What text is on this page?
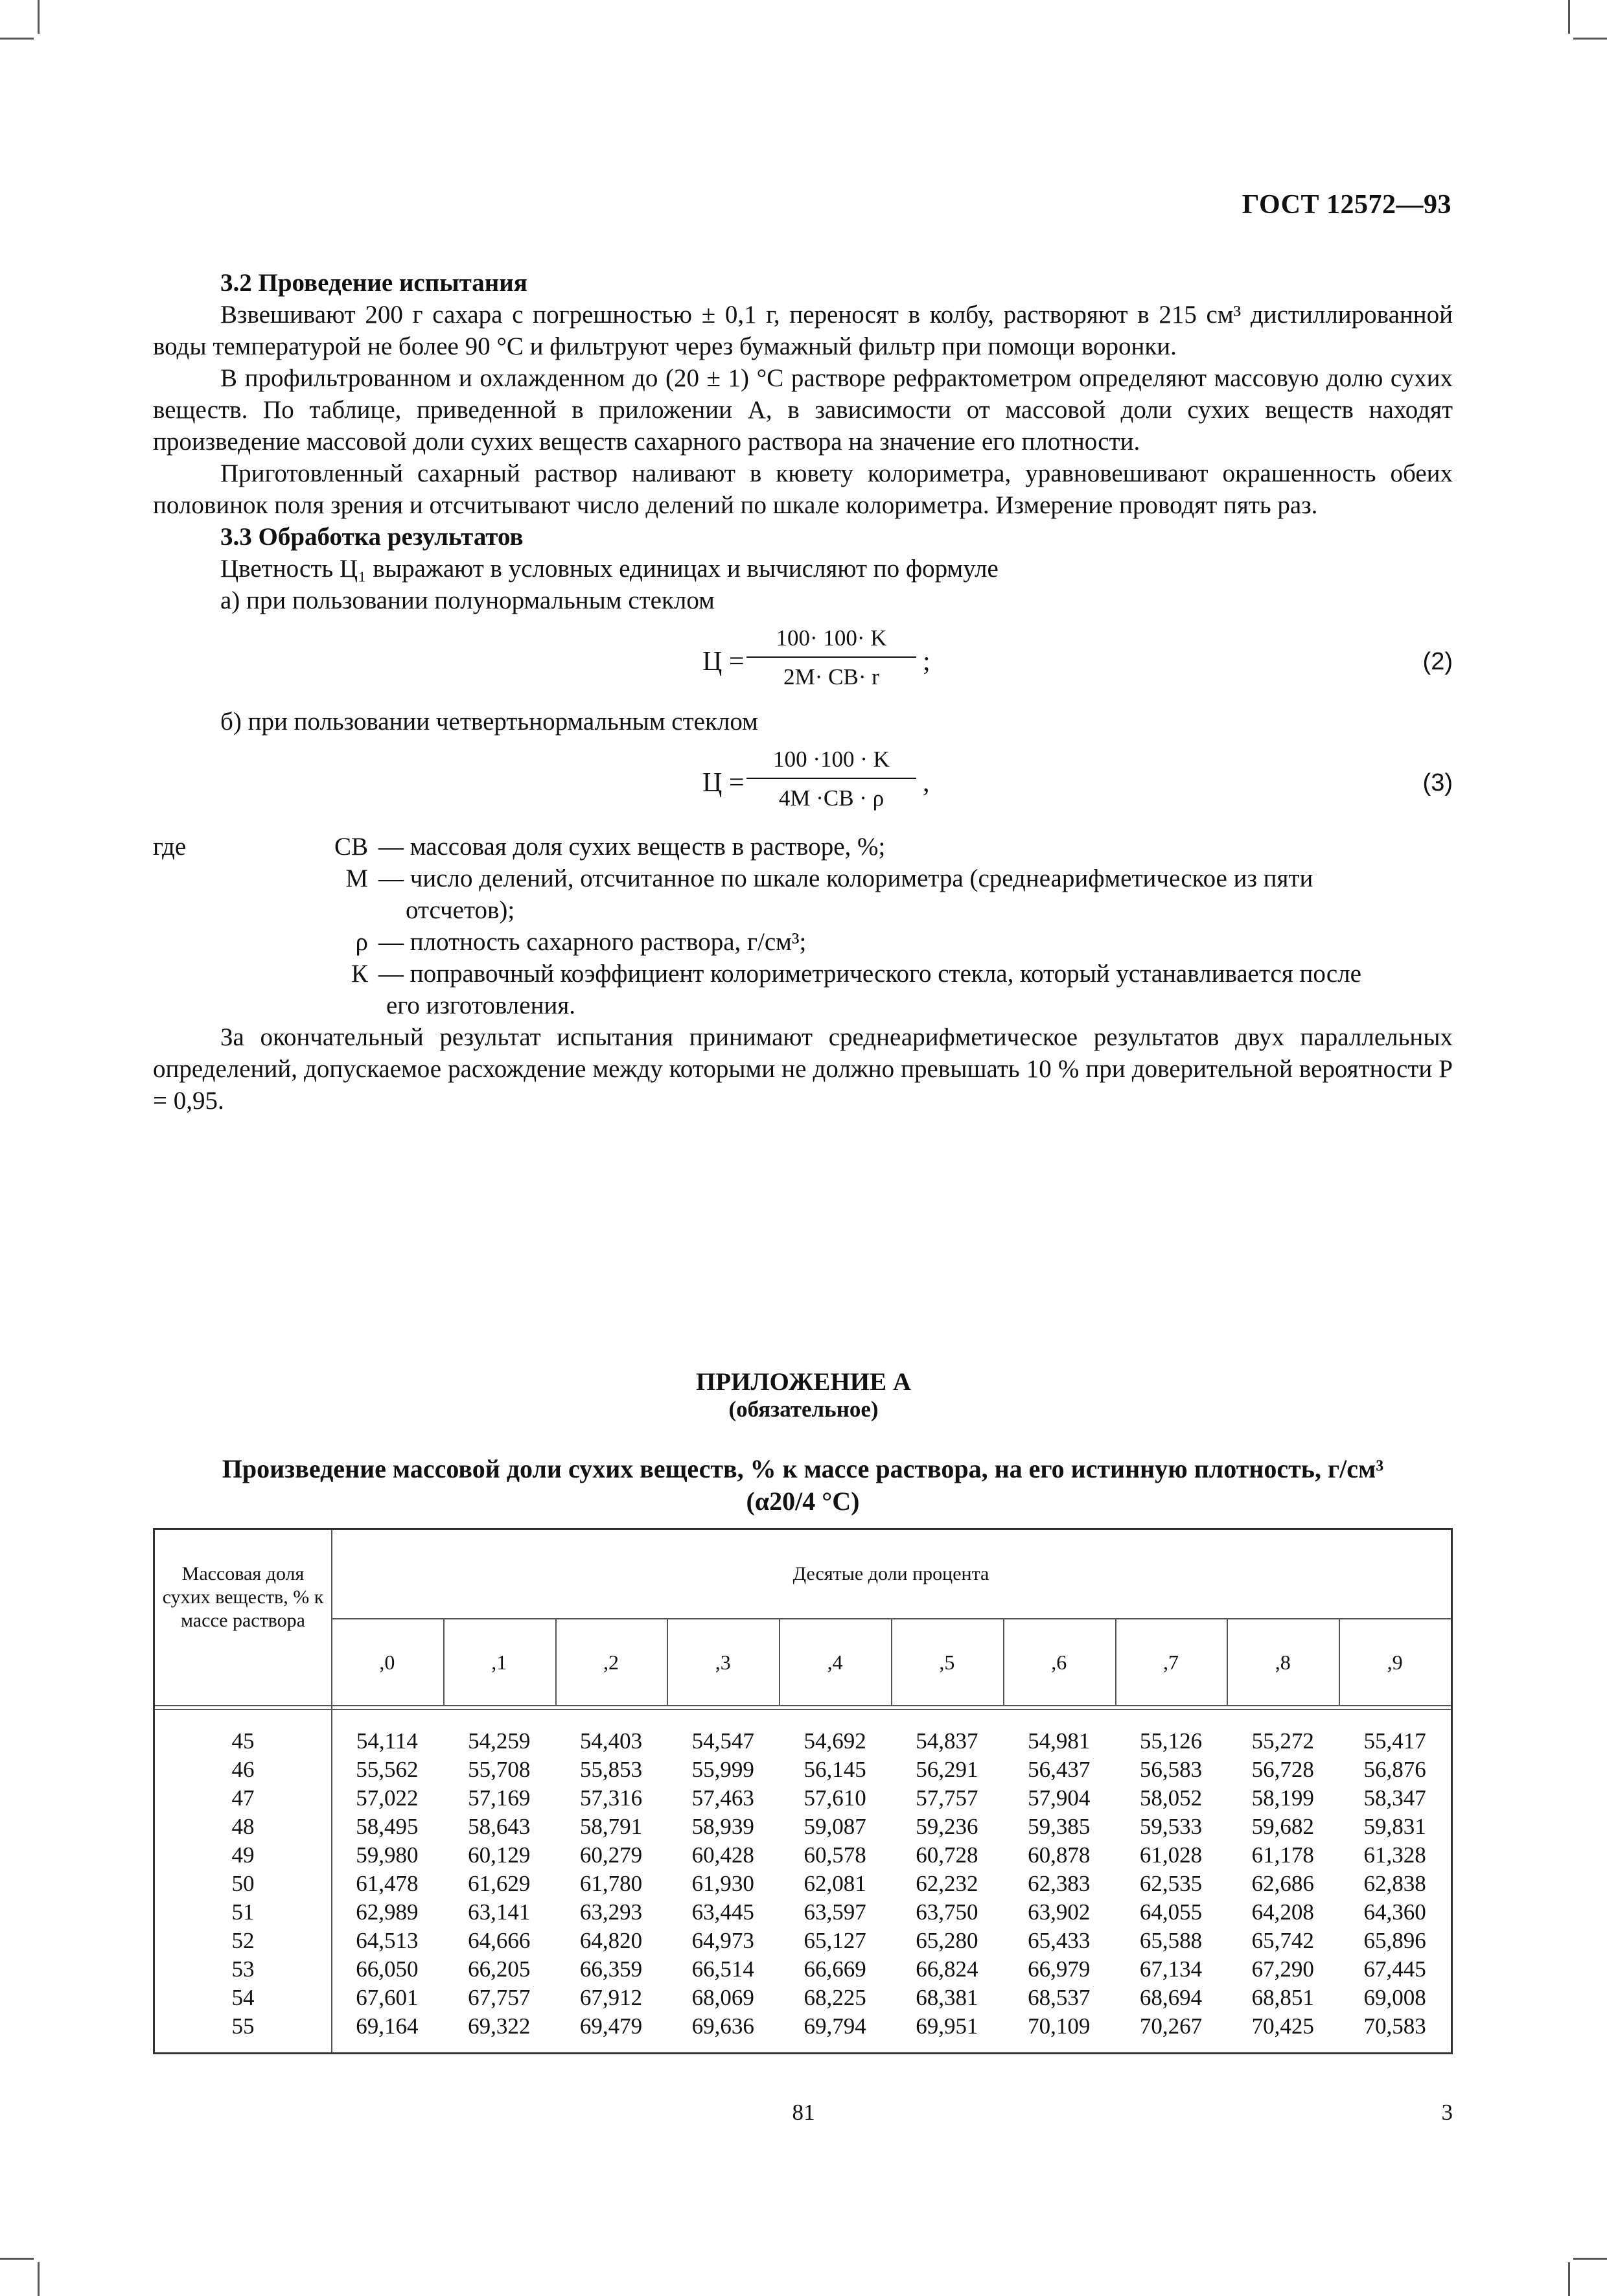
ГОСТ 12572—93
3.2 Проведение испытания

Взвешивают 200 г сахара с погрешностью ± 0,1 г, переносят в колбу, растворяют в 215 см³ дистиллированной воды температурой не более 90 °С и фильтруют через бумажный фильтр при помощи воронки.

В профильтрованном и охлажденном до (20 ± 1) °С растворе рефрактометром определяют массовую долю сухих веществ. По таблице, приведенной в приложении А, в зависимости от массовой доли сухих веществ находят произведение массовой доли сухих веществ сахарного раствора на значение его плотности.

Приготовленный сахарный раствор наливают в кювету колориметра, уравновешивают окрашенность обеих половинок поля зрения и отсчитывают число делений по шкале колориметра. Измерение проводят пять раз.

3.3 Обработка результатов

Цветность Ц₁ выражают в условных единицах и вычисляют по формуле

а) при пользовании полунормальным стеклом

Ц =
100· 100· K
2M· CB· r
;	(2)

б) при пользовании четвертьнормальным стеклом

Ц =
100 ·100 · K
4M ·CB · ρ
,	(3)

где	СВ — массовая доля сухих веществ в растворе, %;

М — число делений, отсчитанное по шкале колориметра (среднеарифметическое из пяти

отсчетов);

ρ — плотность сахарного раствора, г/см³;

К — поправочный коэффициент колориметрического стекла, который устанавливается после

его изготовления.

За окончательный результат испытания принимают среднеарифметическое результатов двух параллельных определений, допускаемое расхождение между которыми не должно превышать 10 % при доверительной вероятности P = 0,95.

ПРИЛОЖЕНИЕ А
(обязательное)
Произведение массовой доли сухих веществ, % к массе раствора, на его истинную плотность, г/см³
(α20/4 °С)
Массовая доля сухих веществ, % к массе раствора
Десятые доли процента
,0	,1	,2	,3	,4	,5	,6	,7	,8	,9
45	54,114	54,259	54,403	54,547	54,692	54,837	54,981	55,126	55,272	55,417
46	55,562	55,708	55,853	55,999	56,145	56,291	56,437	56,583	56,728	56,876
47	57,022	57,169	57,316	57,463	57,610	57,757	57,904	58,052	58,199	58,347
48	58,495	58,643	58,791	58,939	59,087	59,236	59,385	59,533	59,682	59,831
49	59,980	60,129	60,279	60,428	60,578	60,728	60,878	61,028	61,178	61,328
50	61,478	61,629	61,780	61,930	62,081	62,232	62,383	62,535	62,686	62,838
51	62,989	63,141	63,293	63,445	63,597	63,750	63,902	64,055	64,208	64,360
52	64,513	64,666	64,820	64,973	65,127	65,280	65,433	65,588	65,742	65,896
53	66,050	66,205	66,359	66,514	66,669	66,824	66,979	67,134	67,290	67,445
54	67,601	67,757	67,912	68,069	68,225	68,381	68,537	68,694	68,851	69,008
55	69,164	69,322	69,479	69,636	69,794	69,951	70,109	70,267	70,425	70,583
81	3
